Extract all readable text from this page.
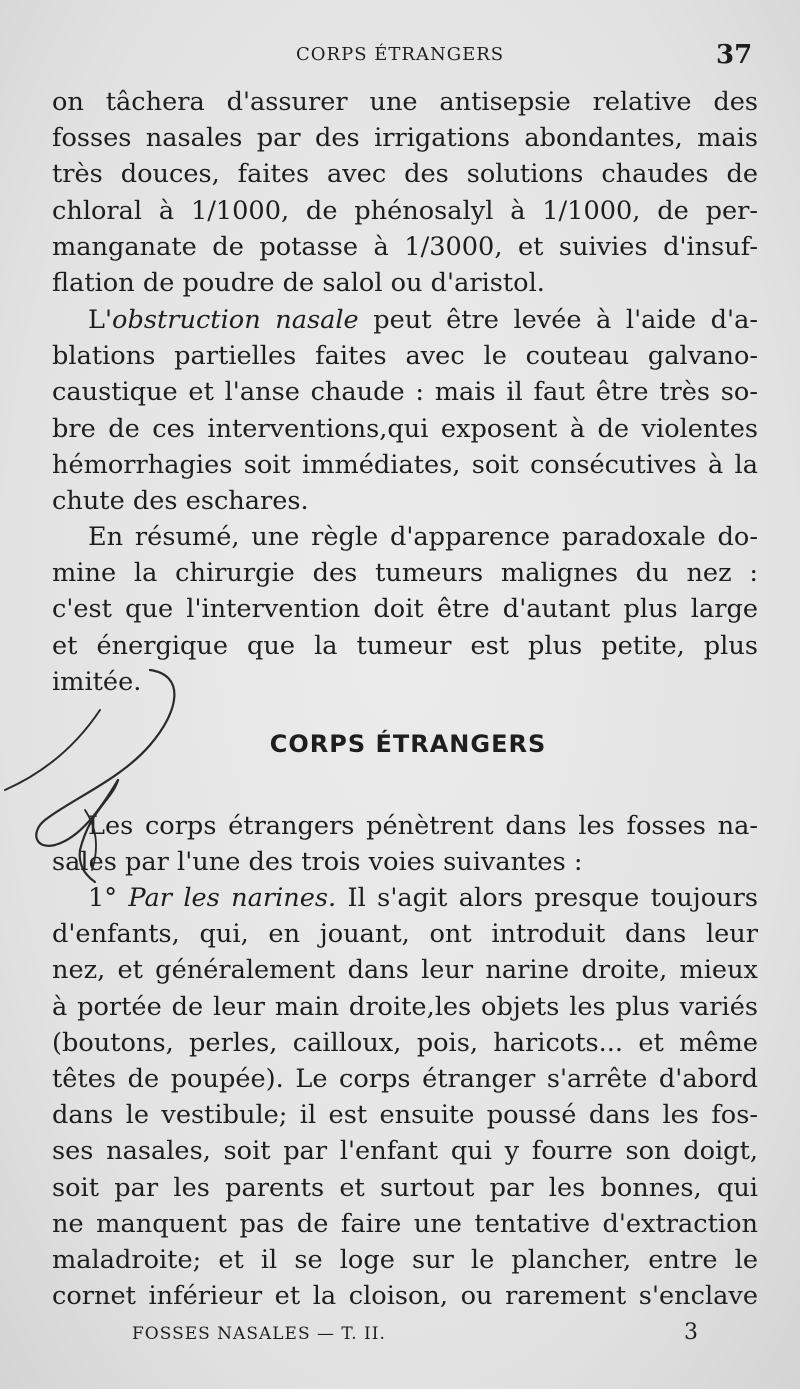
CORPS ÉTRANGERS	37
on tâchera d'assurer une antisepsie relative des
fosses nasales par des irrigations abondantes, mais
très douces, faites avec des solutions chaudes de
chloral à 1/1000, de phénosalyl à 1/1000, de per-
manganate de potasse à 1/3000, et suivies d'insuf-
flation de poudre de salol ou d'aristol.
L'obstruction nasale peut être levée à l'aide d'a-
blations partielles faites avec le couteau galvano-
caustique et l'anse chaude : mais il faut être très so-
bre de ces interventions,qui exposent à de violentes
hémorrhagies soit immédiates, soit consécutives à la
chute des eschares.
En résumé, une règle d'apparence paradoxale do-
mine la chirurgie des tumeurs malignes du nez :
c'est que l'intervention doit être d'autant plus large
et énergique que la tumeur est plus petite, plus
imitée.
CORPS ÉTRANGERS
Les corps étrangers pénètrent dans les fosses na-
sales par l'une des trois voies suivantes :
1° Par les narines. Il s'agit alors presque toujours
d'enfants, qui, en jouant, ont introduit dans leur
nez, et généralement dans leur narine droite, mieux
à portée de leur main droite,les objets les plus variés
(boutons, perles, cailloux, pois, haricots... et même
têtes de poupée). Le corps étranger s'arrête d'abord
dans le vestibule; il est ensuite poussé dans les fos-
ses nasales, soit par l'enfant qui y fourre son doigt,
soit par les parents et surtout par les bonnes, qui
ne manquent pas de faire une tentative d'extraction
maladroite; et il se loge sur le plancher, entre le
cornet inférieur et la cloison, ou rarement s'enclave
FOSSES NASALES — T. II.	3
